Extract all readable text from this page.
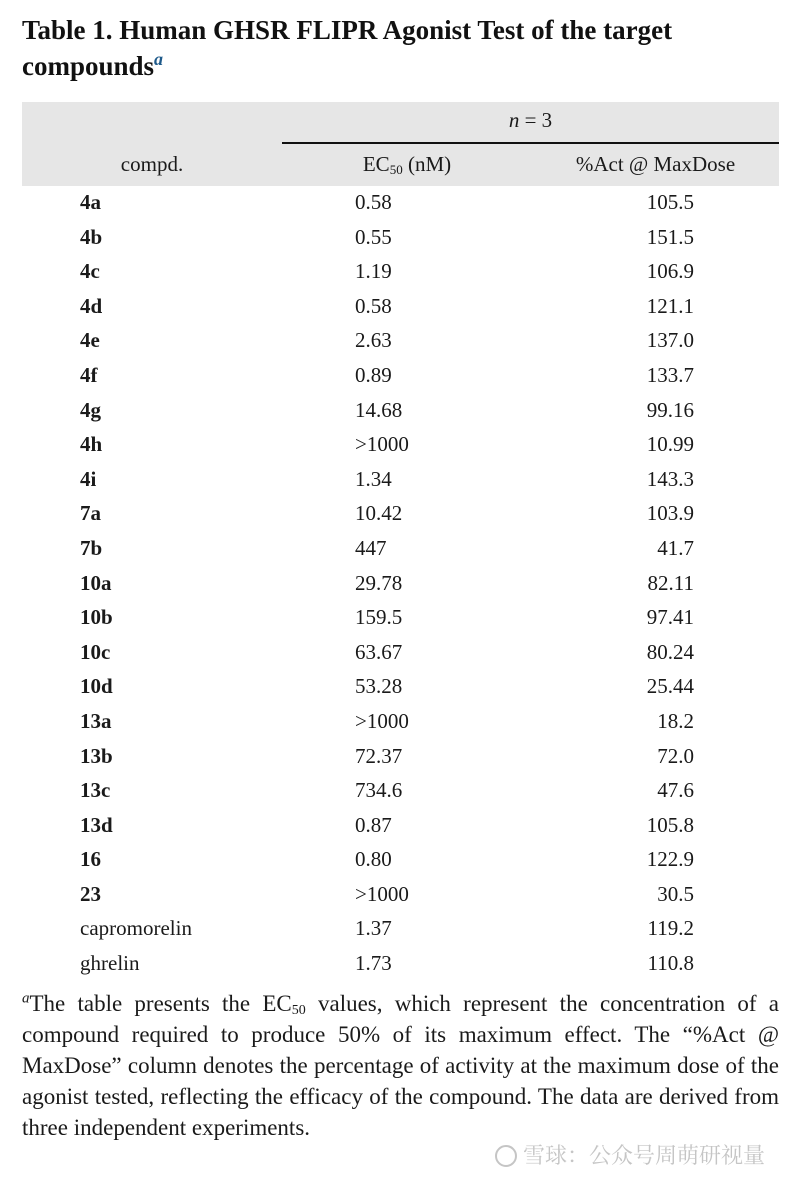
Table 1. Human GHSR FLIPR Agonist Test of the target compounds$^a$
n = 3
compd.	$EC_{50}$ (nM)	%Act @ MaxDose
4a	0.58	105.5
4b	0.55	151.5
4c	1.19	106.9
4d	0.58	121.1
4e	2.63	137.0
4f	0.89	133.7
4g	14.68	99.16
4h	>1000	10.99
4i	1.34	143.3
7a	10.42	103.9
7b	447	41.7
10a	29.78	82.11
10b	159.5	97.41
10c	63.67	80.24
10d	53.28	25.44
13a	>1000	18.2
13b	72.37	72.0
13c	734.6	47.6
13d	0.87	105.8
16	0.80	122.9
23	>1000	30.5
capromorelin	1.37	119.2
ghrelin	1.73	110.8
$^a$The table presents the $EC_{50}$ values, which represent the concentration of a compound required to produce 50% of its maximum effect. The “%Act @ MaxDose” column denotes the percentage of activity at the maximum dose of the agonist tested, reflecting the efficacy of the compound. The data are derived from three independent experiments.
雪球：公众号周萌研视量
